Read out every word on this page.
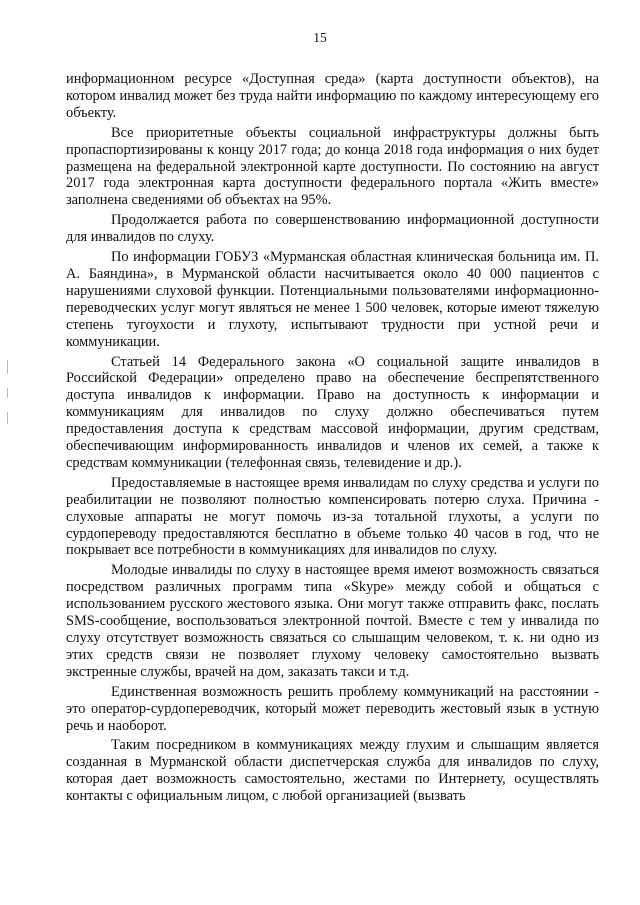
15

информационном ресурсе «Доступная среда» (карта доступности объектов), на котором инвалид может без труда найти информацию по каждому интересующему его объекту.

Все приоритетные объекты социальной инфраструктуры должны быть пропаспортизированы к концу 2017 года; до конца 2018 года информация о них будет размещена на федеральной электронной карте доступности. По состоянию на август 2017 года электронная карта доступности федерального портала «Жить вместе» заполнена сведениями об объектах на 95%.

Продолжается работа по совершенствованию информационной доступности для инвалидов по слуху.

По информации ГОБУЗ «Мурманская областная клиническая больница им. П. А. Баяндина», в Мурманской области насчитывается около 40 000 пациентов с нарушениями слуховой функции. Потенциальными пользователями информационно-переводческих услуг могут являться не менее 1 500 человек, которые имеют тяжелую степень тугоухости и глухоту, испытывают трудности при устной речи и коммуникации.

Статьей 14 Федерального закона «О социальной защите инвалидов в Российской Федерации» определено право на обеспечение беспрепятственного доступа инвалидов к информации. Право на доступность к информации и коммуникациям для инвалидов по слуху должно обеспечиваться путем предоставления доступа к средствам массовой информации, другим средствам, обеспечивающим информированность инвалидов и членов их семей, а также к средствам коммуникации (телефонная связь, телевидение и др.).

Предоставляемые в настоящее время инвалидам по слуху средства и услуги по реабилитации не позволяют полностью компенсировать потерю слуха. Причина - слуховые аппараты не могут помочь из-за тотальной глухоты, а услуги по сурдопереводу предоставляются бесплатно в объеме только 40 часов в год, что не покрывает все потребности в коммуникациях для инвалидов по слуху.

Молодые инвалиды по слуху в настоящее время имеют возможность связаться посредством различных программ типа «Skype» между собой и общаться с использованием русского жестового языка. Они могут также отправить факс, послать SMS-сообщение, воспользоваться электронной почтой. Вместе с тем у инвалида по слуху отсутствует возможность связаться со слышащим человеком, т. к. ни одно из этих средств связи не позволяет глухому человеку самостоятельно вызвать экстренные службы, врачей на дом, заказать такси и т.д.

Единственная возможность решить проблему коммуникаций на расстоянии - это оператор-сурдопереводчик, который может переводить жестовый язык в устную речь и наоборот.

Таким посредником в коммуникациях между глухим и слышащим является созданная в Мурманской области диспетчерская служба для инвалидов по слуху, которая дает возможность самостоятельно, жестами по Интернету, осуществлять контакты с официальным лицом, с любой организацией (вызвать
